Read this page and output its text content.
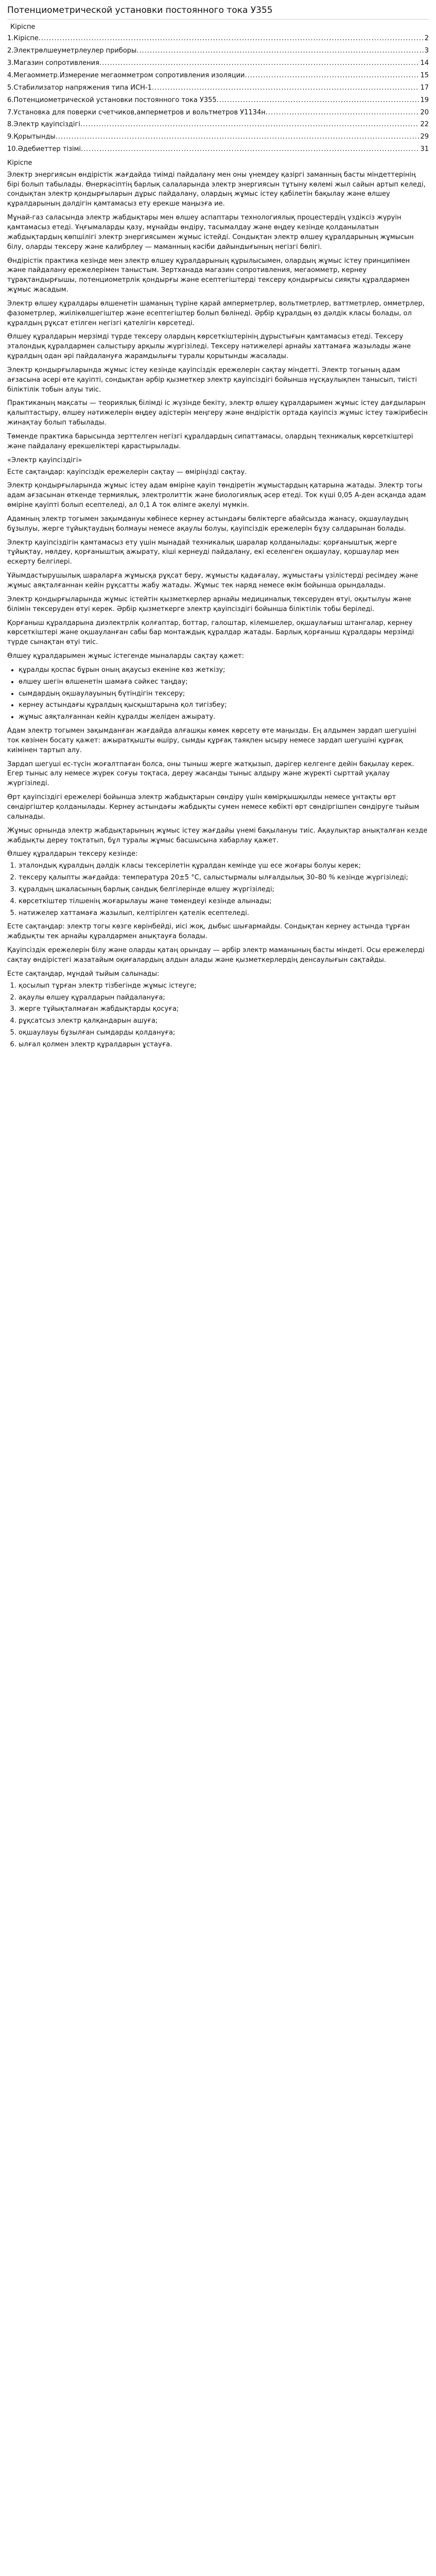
Потенциометрической установки постоянного тока У355
Кіріспе
1.Кіріспе .....	2
2.Электрөлшеуметрлеулер приборы .....	3
3.Магазин сопротивления .....	14
4.Мегаомметр.Измерение мегаомметром сопротивления изоляции .....	15
5.Стабилизатор напряжения типа ИСН-1 .....	17
6.Потенциометрической установки постоянного тока У355 .....	19
7.Установка для поверки счетчиков,амперметров и вольтметров У1134н .....	20
8.Электр қауіпсіздігі .....	22
9.Қорытынды .....	29
10.Әдебиеттер тізімі .....	31
Кіріспе

Электр энергиясын өндірістік жағдайда тиімді пайдалану мен оны үнемдеу қазіргі заманның басты міндеттерінің бірі болып табылады. Өнеркәсіптің барлық салаларында электр энергиясын тұтыну көлемі жыл сайын артып келеді, сондықтан электр қондырғыларын дұрыс пайдалану, олардың жұмыс істеу қабілетін бақылау және өлшеу құралдарының дәлдігін қамтамасыз ету ерекше маңызға ие.

Мұнай-газ саласында электр жабдықтары мен өлшеу аспаптары технологиялық процестердің үздіксіз жүруін қамтамасыз етеді. Ұңғымаларды қазу, мұнайды өндіру, тасымалдау және өңдеу кезінде қолданылатын жабдықтардың көпшілігі электр энергиясымен жұмыс істейді. Сондықтан электр өлшеу құралдарының жұмысын білу, оларды тексеру және калибрлеу — маманның кәсіби дайындығының негізгі бөлігі.

Өндірістік практика кезінде мен электр өлшеу құралдарының құрылысымен, олардың жұмыс істеу принципімен және пайдалану ережелерімен таныстым. Зертханада магазин сопротивления, мегаомметр, кернеу тұрақтандырғышы, потенциометрлік қондырғы және есептегіштерді тексеру қондырғысы сияқты құралдармен жұмыс жасадым.

Электр өлшеу құралдары өлшенетін шаманың түріне қарай амперметрлер, вольтметрлер, ваттметрлер, омметрлер, фазометрлер, жиілікөлшегіштер және есептегіштер болып бөлінеді. Әрбір құралдың өз дәлдік класы болады, ол құралдың рұқсат етілген негізгі қателігін көрсетеді.

Өлшеу құралдарын мерзімді түрде тексеру олардың көрсеткіштерінің дұрыстығын қамтамасыз етеді. Тексеру эталондық құралдармен салыстыру арқылы жүргізіледі. Тексеру нәтижелері арнайы хаттамаға жазылады және құралдың одан әрі пайдалануға жарамдылығы туралы қорытынды жасалады.

Электр қондырғыларында жұмыс істеу кезінде қауіпсіздік ережелерін сақтау міндетті. Электр тогының адам ағзасына әсері өте қауіпті, сондықтан әрбір қызметкер электр қауіпсіздігі бойынша нұсқаулықпен танысып, тиісті біліктілік тобын алуы тиіс.

Практиканың мақсаты — теориялық білімді іс жүзінде бекіту, электр өлшеу құралдарымен жұмыс істеу дағдыларын қалыптастыру, өлшеу нәтижелерін өңдеу әдістерін меңгеру және өндірістік ортада қауіпсіз жұмыс істеу тәжірибесін жинақтау болып табылады.

Төменде практика барысында зерттелген негізгі құралдардың сипаттамасы, олардың техникалық көрсеткіштері және пайдалану ерекшеліктері қарастырылады.

«Электр қауіпсіздігі»

Есте сақтаңдар: қауіпсіздік ережелерін сақтау — өміріңізді сақтау.

Электр қондырғыларында жұмыс істеу адам өміріне қауіп төндіретін жұмыстардың қатарына жатады. Электр тогы адам ағзасынан өткенде термиялық, электролиттік және биологиялық әсер етеді. Ток күші 0,05 А-ден асқанда адам өміріне қауіпті болып есептеледі, ал 0,1 А ток өлімге әкелуі мүмкін.

Адамның электр тогымен зақымдануы көбінесе кернеу астындағы бөліктерге абайсызда жанасу, оқшаулаудың бұзылуы, жерге тұйықтаудың болмауы немесе ақаулы болуы, қауіпсіздік ережелерін бұзу салдарынан болады.

Электр қауіпсіздігін қамтамасыз ету үшін мынадай техникалық шаралар қолданылады: қорғаныштық жерге тұйықтау, нөлдеу, қорғаныштық ажырату, кіші кернеуді пайдалану, екі еселенген оқшаулау, қоршаулар мен ескерту белгілері.

Ұйымдастырушылық шараларға жұмысқа рұқсат беру, жұмысты қадағалау, жұмыстағы үзілістерді ресімдеу және жұмыс аяқталғаннан кейін рұқсатты жабу жатады. Жұмыс тек наряд немесе өкім бойынша орындалады.

Электр қондырғыларында жұмыс істейтін қызметкерлер арнайы медициналық тексеруден өтуі, оқытылуы және білімін тексеруден өтуі керек. Әрбір қызметкерге электр қауіпсіздігі бойынша біліктілік тобы беріледі.

Қорғаныш құралдарына диэлектрлік қолғаптар, боттар, галоштар, кілемшелер, оқшаулағыш штангалар, кернеу көрсеткіштері және оқшауланған сабы бар монтаждық құралдар жатады. Барлық қорғаныш құралдары мерзімді түрде сынақтан өтуі тиіс.

Өлшеу құралдарымен жұмыс істегенде мыналарды сақтау қажет:

• құралды қоспас бұрын оның ақаусыз екеніне көз жеткізу;
• өлшеу шегін өлшенетін шамаға сәйкес таңдау;
• сымдардың оқшаулауының бүтіндігін тексеру;
• кернеу астындағы құралдың қысқыштарына қол тигізбеу;
• жұмыс аяқталғаннан кейін құралды желіден ажырату.

Адам электр тогымен зақымданған жағдайда алғашқы көмек көрсету өте маңызды. Ең алдымен зардап шегушіні ток көзінен босату қажет: ажыратқышты өшіру, сымды құрғақ таяқпен ысыру немесе зардап шегушіні құрғақ киімінен тартып алу.

Зардап шегуші ес-түсін жоғалтпаған болса, оны тыныш жерге жатқызып, дәрігер келгенге дейін бақылау керек. Егер тыныс алу немесе жүрек соғуы тоқтаса, дереу жасанды тыныс алдыру және жүректі сырттай уқалау жүргізіледі.

Өрт қауіпсіздігі ережелері бойынша электр жабдықтарын сөндіру үшін көмірқышқылды немесе ұнтақты өрт сөндіргіштер қолданылады. Кернеу астындағы жабдықты сумен немесе көбікті өрт сөндіргішпен сөндіруге тыйым салынады.

Жұмыс орнында электр жабдықтарының жұмыс істеу жағдайы үнемі бақылануы тиіс. Ақаулықтар анықталған кезде жабдықты дереу тоқтатып, бұл туралы жұмыс басшысына хабарлау қажет.

Өлшеу құралдарын тексеру кезінде:
1. эталондық құралдың дәлдік класы тексерілетін құралдан кемінде үш есе жоғары болуы керек;
2. тексеру қалыпты жағдайда: температура 20±5 °C, салыстырмалы ылғалдылық 30–80 % кезінде жүргізіледі;
3. құралдың шкаласының барлық сандық белгілерінде өлшеу жүргізіледі;
4. көрсеткіштер тілшенің жоғарылауы және төмендеуі кезінде алынады;
5. нәтижелер хаттамаға жазылып, келтірілген қателік есептеледі.

Есте сақтаңдар: электр тогы көзге көрінбейді, иісі жоқ, дыбыс шығармайды. Сондықтан кернеу астында тұрған жабдықты тек арнайы құралдармен анықтауға болады.

Қауіпсіздік ережелерін білу және оларды қатаң орындау — әрбір электр маманының басты міндеті. Осы ережелерді сақтау өндірістегі жазатайым оқиғалардың алдын алады және қызметкерлердің денсаулығын сақтайды.

Есте сақтаңдар, мұндай тыйым салынады:
1. қосылып тұрған электр тізбегінде жұмыс істеуге;
2. ақаулы өлшеу құралдарын пайдалануға;
3. жерге тұйықталмаған жабдықтарды қосуға;
4. рұқсатсыз электр қалқандарын ашуға;
5. оқшаулауы бұзылған сымдарды қолдануға;
6. ылғал қолмен электр құралдарын ұстауға.
